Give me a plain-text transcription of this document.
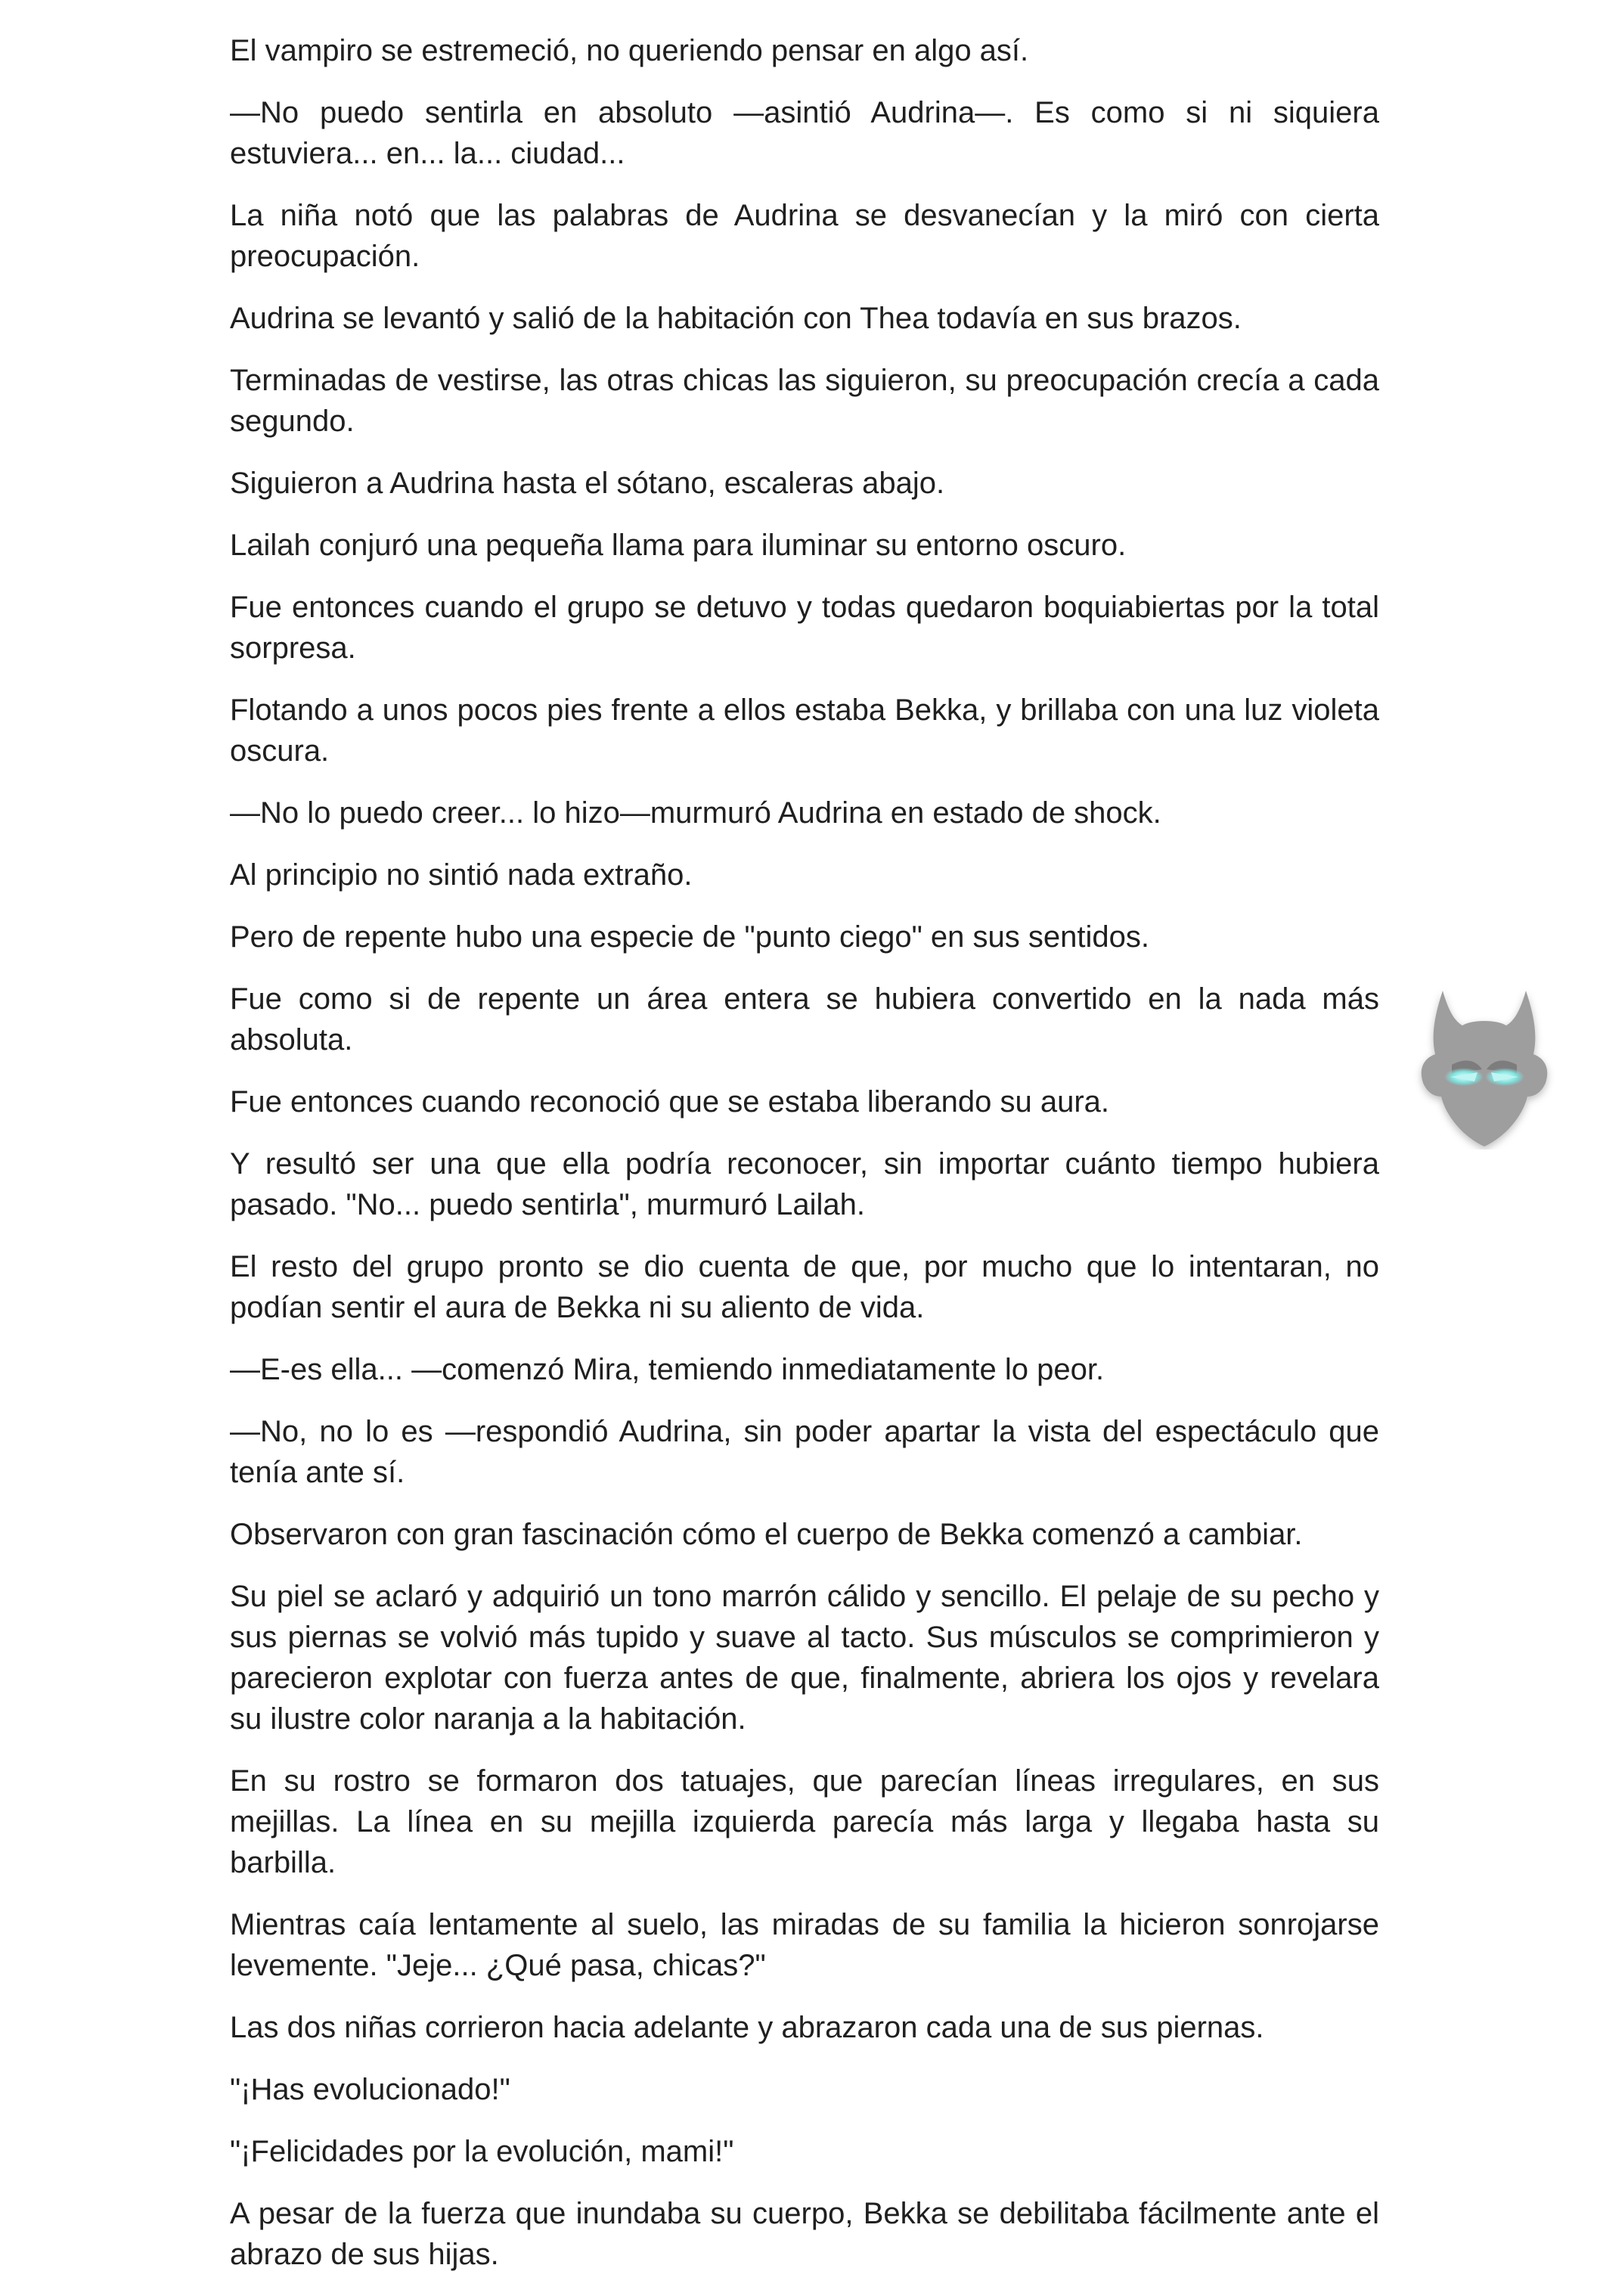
El vampiro se estremeció, no queriendo pensar en algo así.

—No puedo sentirla en absoluto —asintió Audrina—. Es como si ni siquiera estuviera... en... la... ciudad...

La niña notó que las palabras de Audrina se desvanecían y la miró con cierta preocupación.

Audrina se levantó y salió de la habitación con Thea todavía en sus brazos.

Terminadas de vestirse, las otras chicas las siguieron, su preocupación crecía a cada segundo.

Siguieron a Audrina hasta el sótano, escaleras abajo.

Lailah conjuró una pequeña llama para iluminar su entorno oscuro.

Fue entonces cuando el grupo se detuvo y todas quedaron boquiabiertas por la total sorpresa.

Flotando a unos pocos pies frente a ellos estaba Bekka, y brillaba con una luz violeta oscura.

—No lo puedo creer... lo hizo—murmuró Audrina en estado de shock.

Al principio no sintió nada extraño.

Pero de repente hubo una especie de "punto ciego" en sus sentidos.

Fue como si de repente un área entera se hubiera convertido en la nada más absoluta.

Fue entonces cuando reconoció que se estaba liberando su aura.

Y resultó ser una que ella podría reconocer, sin importar cuánto tiempo hubiera pasado. "No... puedo sentirla", murmuró Lailah.

El resto del grupo pronto se dio cuenta de que, por mucho que lo intentaran, no podían sentir el aura de Bekka ni su aliento de vida.

—E-es ella... —comenzó Mira, temiendo inmediatamente lo peor.

—No, no lo es —respondió Audrina, sin poder apartar la vista del espectáculo que tenía ante sí.

Observaron con gran fascinación cómo el cuerpo de Bekka comenzó a cambiar.

Su piel se aclaró y adquirió un tono marrón cálido y sencillo. El pelaje de su pecho y sus piernas se volvió más tupido y suave al tacto. Sus músculos se comprimieron y parecieron explotar con fuerza antes de que, finalmente, abriera los ojos y revelara su ilustre color naranja a la habitación.

En su rostro se formaron dos tatuajes, que parecían líneas irregulares, en sus mejillas. La línea en su mejilla izquierda parecía más larga y llegaba hasta su barbilla.

Mientras caía lentamente al suelo, las miradas de su familia la hicieron sonrojarse levemente. "Jeje... ¿Qué pasa, chicas?"

Las dos niñas corrieron hacia adelante y abrazaron cada una de sus piernas.

"¡Has evolucionado!"

"¡Felicidades por la evolución, mami!"

A pesar de la fuerza que inundaba su cuerpo, Bekka se debilitaba fácilmente ante el abrazo de sus hijas.
